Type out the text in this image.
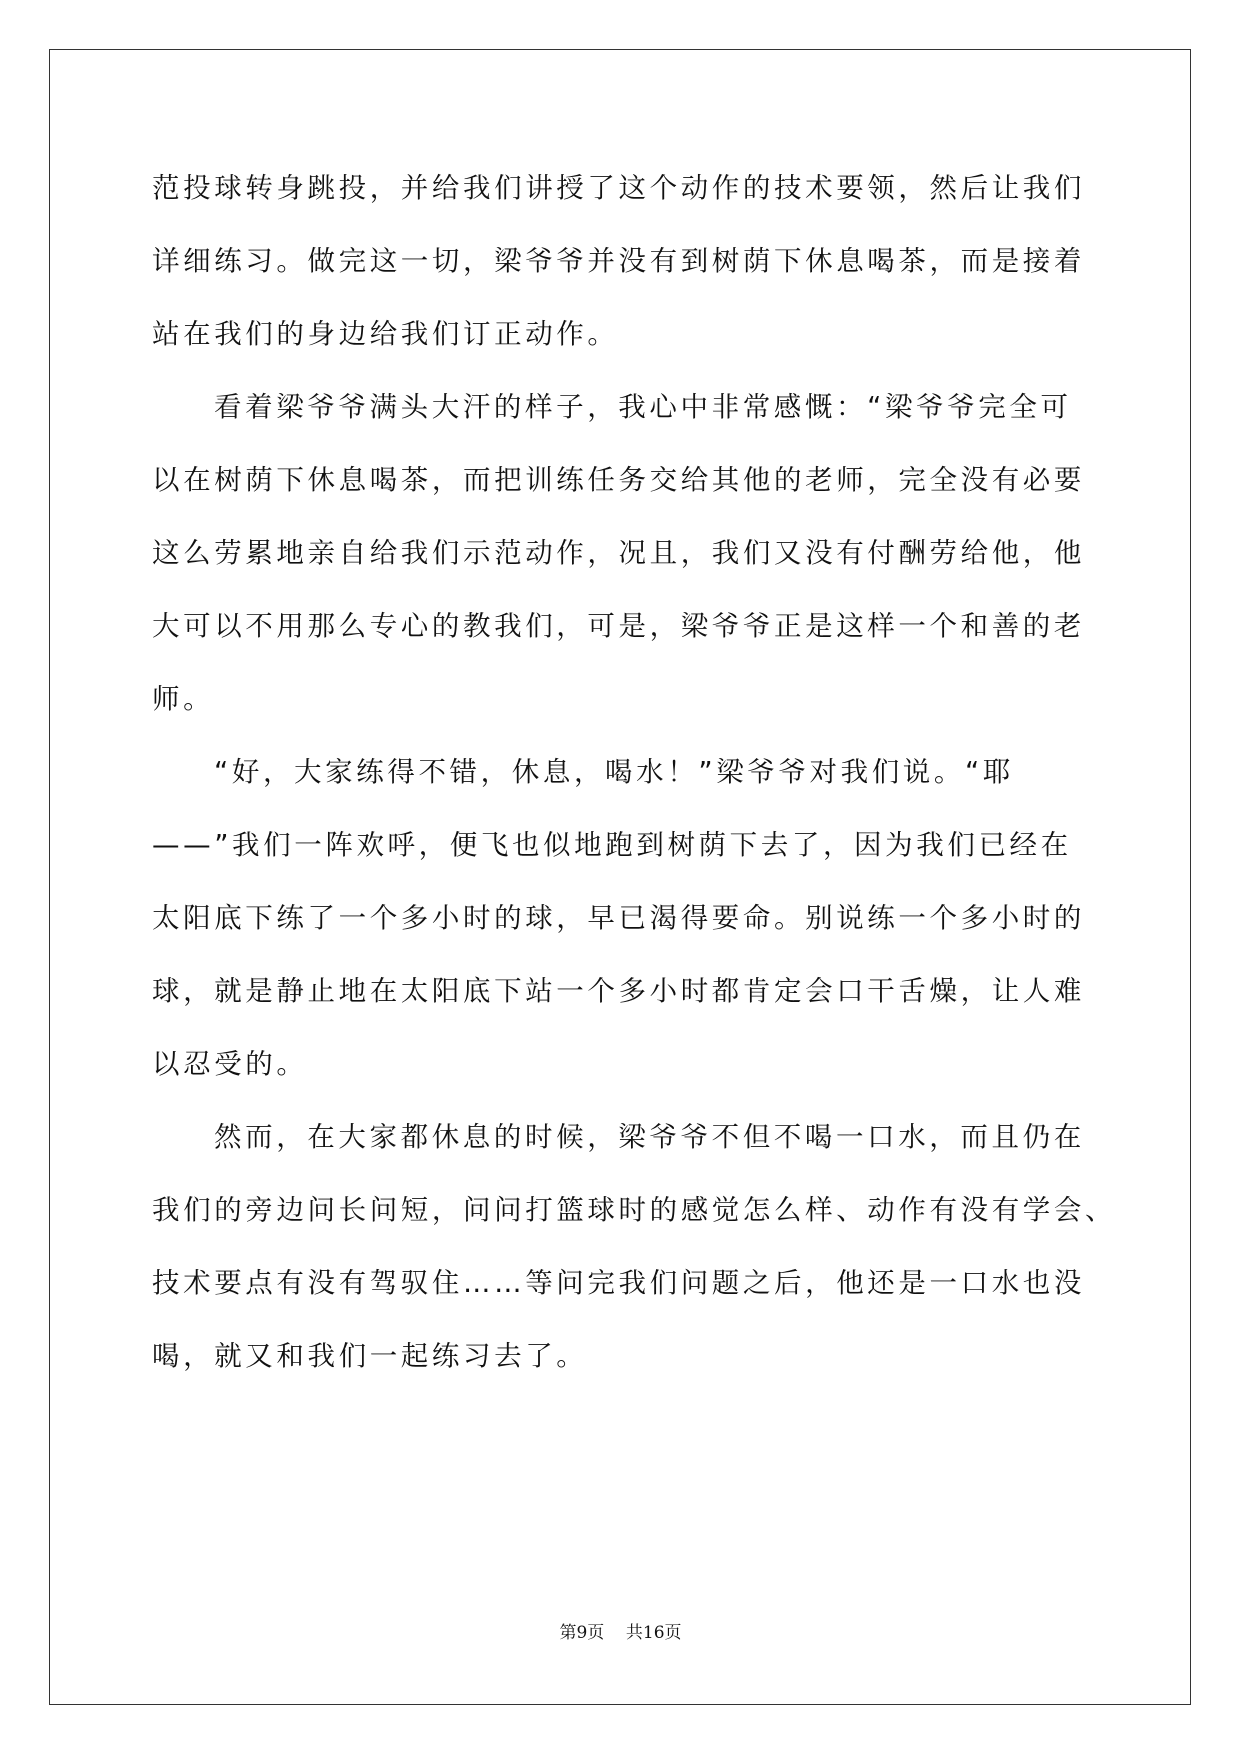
范投球转身跳投，并给我们讲授了这个动作的技术要领，然后让我们

详细练习。做完这一切，梁爷爷并没有到树荫下休息喝茶，而是接着

站在我们的身边给我们订正动作。

看着梁爷爷满头大汗的样子，我心中非常感慨：“梁爷爷完全可

以在树荫下休息喝茶，而把训练任务交给其他的老师，完全没有必要

这么劳累地亲自给我们示范动作，况且，我们又没有付酬劳给他，他

大可以不用那么专心的教我们，可是，梁爷爷正是这样一个和善的老

师。

“好，大家练得不错，休息，喝水！”梁爷爷对我们说。“耶

——”我们一阵欢呼，便飞也似地跑到树荫下去了，因为我们已经在

太阳底下练了一个多小时的球，早已渴得要命。别说练一个多小时的

球，就是静止地在太阳底下站一个多小时都肯定会口干舌燥，让人难

以忍受的。

然而，在大家都休息的时候，梁爷爷不但不喝一口水，而且仍在

我们的旁边问长问短，问问打篮球时的感觉怎么样、动作有没有学会、

技术要点有没有驾驭住……等问完我们问题之后，他还是一口水也没

喝，就又和我们一起练习去了。

第9页 共16页
